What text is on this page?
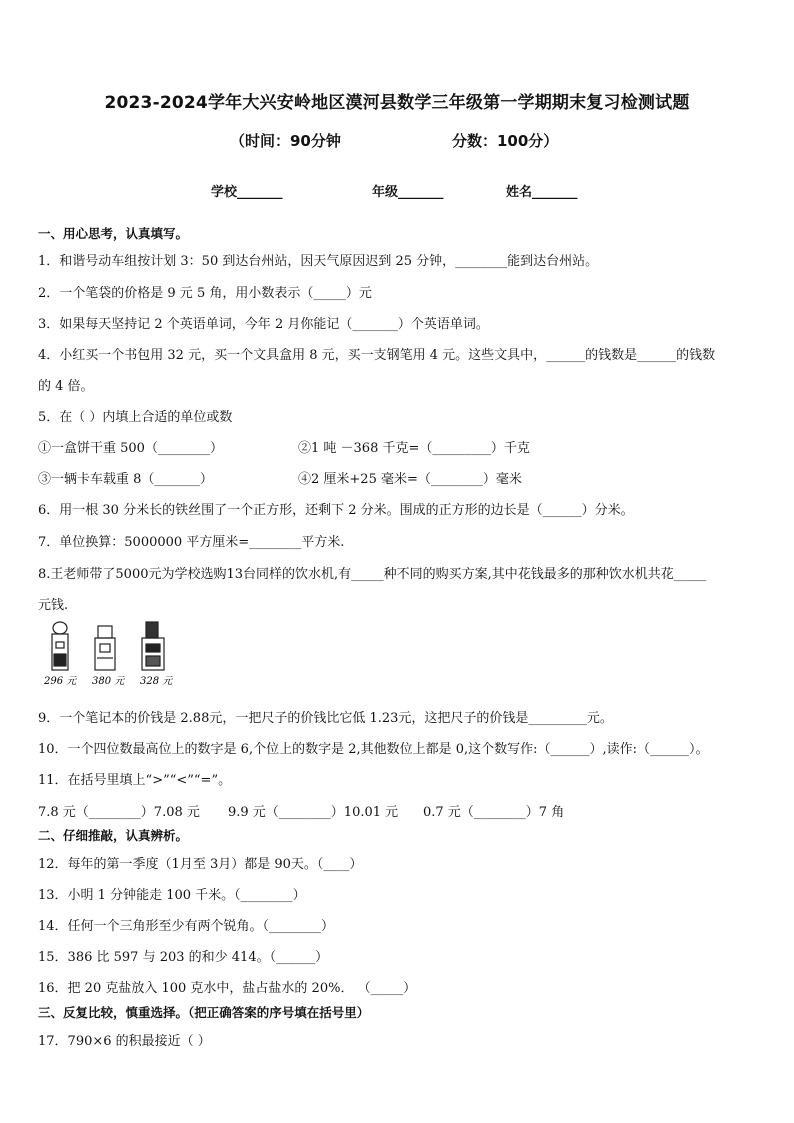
2023-2024学年大兴安岭地区漠河县数学三年级第一学期期末复习检测试题
（时间：90分钟	分数：100分）
学校_______	年级_______	姓名_______
一、用心思考，认真填写。
1．和谐号动车组按计划 3：50 到达台州站，因天气原因迟到 25 分钟，________能到达台州站。
2．一个笔袋的价格是 9 元 5 角，用小数表示（_____）元
3．如果每天坚持记 2 个英语单词，今年 2 月你能记（_______）个英语单词。
4．小红买一个书包用 32 元，买一个文具盒用 8 元，买一支钢笔用 4 元。这些文具中，______的钱数是______的钱数
的 4 倍。
5．在（ ）内填上合适的单位或数
①一盒饼干重 500（________）	②1 吨 －368 千克=（_________）千克
③一辆卡车载重 8（_______）	④2 厘米+25 毫米=（________）毫米
6．用一根 30 分米长的铁丝围了一个正方形，还剩下 2 分米。围成的正方形的边长是（______）分米。
7．单位换算：5000000 平方厘米=________平方米.
8.王老师带了5000元为学校选购13台同样的饮水机,有_____种不同的购买方案,其中花钱最多的那种饮水机共花_____
元钱.
296 元 380 元 328 元
9．一个笔记本的价钱是 2.88元，一把尺子的价钱比它低 1.23元，这把尺子的价钱是_________元。
10．一个四位数最高位上的数字是 6,个位上的数字是 2,其他数位上都是 0,这个数写作:（______）,读作:（______）。
11．在括号里填上“>”“<”“=”。
7.8 元（________）7.08 元 9.9 元（________）10.01 元 0.7 元（________）7 角
二、仔细推敲，认真辨析。
12．每年的第一季度（1月至 3月）都是 90天。（____）
13．小明 1 分钟能走 100 千米。（________）
14．任何一个三角形至少有两个锐角。（________）
15．386 比 597 与 203 的和少 414。（______）
16．把 20 克盐放入 100 克水中，盐占盐水的 20%． （_____）
三、反复比较，慎重选择。（把正确答案的序号填在括号里）
17．790×6 的积最接近（ ）
